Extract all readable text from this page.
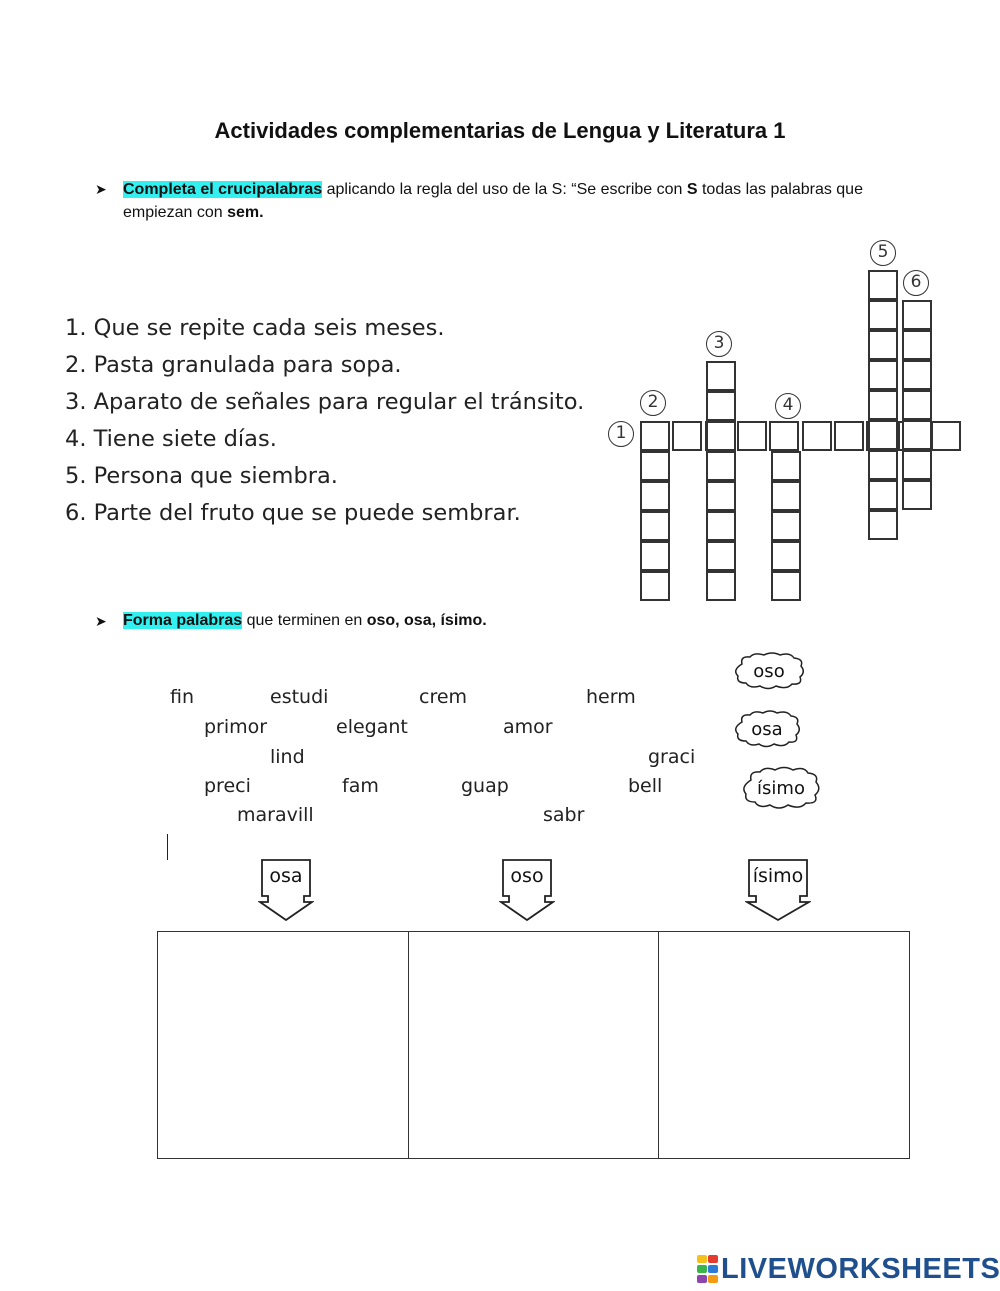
Actividades complementarias de Lengua y Literatura 1
➤ Completa el crucipalabras aplicando la regla del uso de la S: “Se escribe con S todas las palabras que empiezan con sem.
1. Que se repite cada seis meses.
2. Pasta granulada para sopa.
3. Aparato de señales para regular el tránsito.
4. Tiene siete días.
5. Persona que siembra.
6. Parte del fruto que se puede sembrar.
1
2
3
4
5
6
➤ Forma palabras que terminen en oso, osa, ísimo.
fin	estudi	crem	herm
primor	elegant	amor
lind	graci
preci	fam	guap	bell
maravill	sabr
oso
osa
ísimo
osa	oso	ísimo
LIVEWORKSHEETS
